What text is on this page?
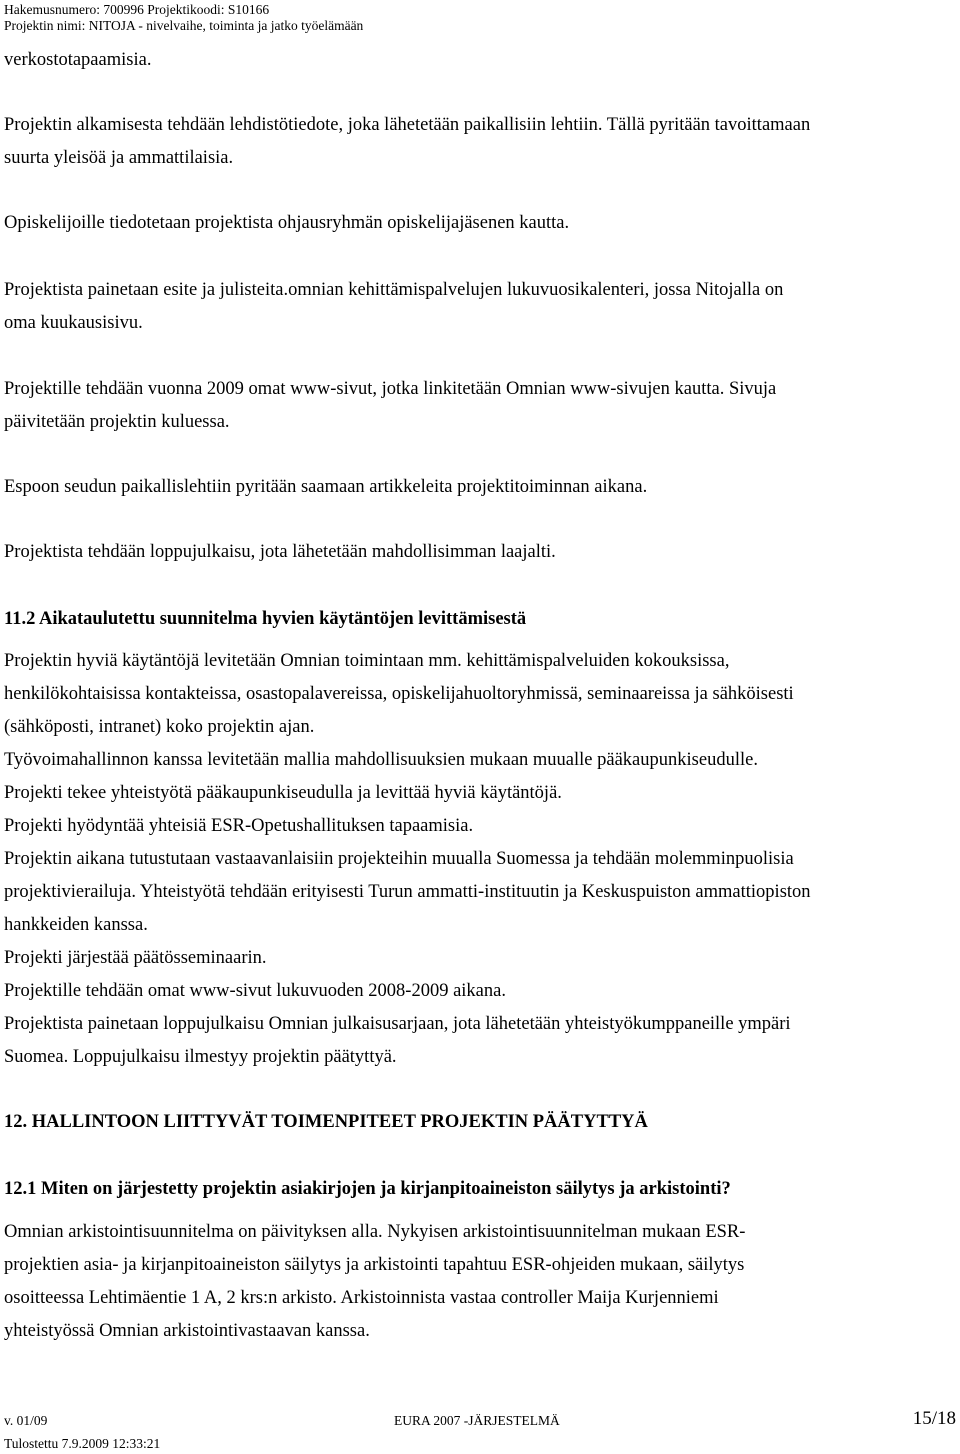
Hakemusnumero: 700996 Projektikoodi: S10166
Projektin nimi: NITOJA - nivelvaihe, toiminta ja jatko työelämään
verkostotapaamisia.
Projektin alkamisesta tehdään lehdistötiedote, joka lähetetään paikallisiin lehtiin. Tällä pyritään tavoittamaan
suurta yleisöä ja ammattilaisia.
Opiskelijoille tiedotetaan projektista ohjausryhmän opiskelijajäsenen kautta.
Projektista painetaan esite ja julisteita.omnian kehittämispalvelujen lukuvuosikalenteri, jossa Nitojalla on
oma kuukausisivu.
Projektille tehdään vuonna 2009 omat www-sivut, jotka linkitetään Omnian www-sivujen kautta. Sivuja
päivitetään projektin kuluessa.
Espoon seudun paikallislehtiin pyritään saamaan artikkeleita projektitoiminnan aikana.
Projektista tehdään loppujulkaisu, jota lähetetään mahdollisimman laajalti.
11.2 Aikataulutettu suunnitelma hyvien käytäntöjen levittämisestä
Projektin hyviä käytäntöjä levitetään Omnian toimintaan mm. kehittämispalveluiden kokouksissa,
henkilökohtaisissa kontakteissa, osastopalavereissa, opiskelijahuoltoryhmissä, seminaareissa ja sähköisesti
(sähköposti, intranet) koko projektin ajan.
Työvoimahallinnon kanssa levitetään mallia mahdollisuuksien mukaan muualle pääkaupunkiseudulle.
Projekti tekee yhteistyötä pääkaupunkiseudulla ja levittää hyviä käytäntöjä.
Projekti hyödyntää yhteisiä ESR-Opetushallituksen tapaamisia.
Projektin aikana tutustutaan vastaavanlaisiin projekteihin muualla Suomessa ja tehdään molemminpuolisia
projektivierailuja. Yhteistyötä tehdään erityisesti Turun ammatti-instituutin ja Keskuspuiston ammattiopiston
hankkeiden kanssa.
Projekti järjestää päätösseminaarin.
Projektille tehdään omat www-sivut lukuvuoden 2008-2009 aikana.
Projektista painetaan loppujulkaisu Omnian julkaisusarjaan, jota lähetetään yhteistyökumppaneille ympäri
Suomea. Loppujulkaisu ilmestyy projektin päätyttyä.
12. HALLINTOON LIITTYVÄT TOIMENPITEET PROJEKTIN PÄÄTYTTYÄ
12.1 Miten on järjestetty projektin asiakirjojen ja kirjanpitoaineiston säilytys ja arkistointi?
Omnian arkistointisuunnitelma on päivityksen alla. Nykyisen arkistointisuunnitelman mukaan ESR-
projektien asia- ja kirjanpitoaineiston säilytys ja arkistointi tapahtuu ESR-ohjeiden mukaan, säilytys
osoitteessa Lehtimäentie 1 A, 2 krs:n arkisto. Arkistoinnista vastaa controller Maija Kurjenniemi
yhteistyössä Omnian arkistointivastaavan kanssa.
v. 01/09	EURA 2007 -JÄRJESTELMÄ	15/18
Tulostettu 7.9.2009 12:33:21
